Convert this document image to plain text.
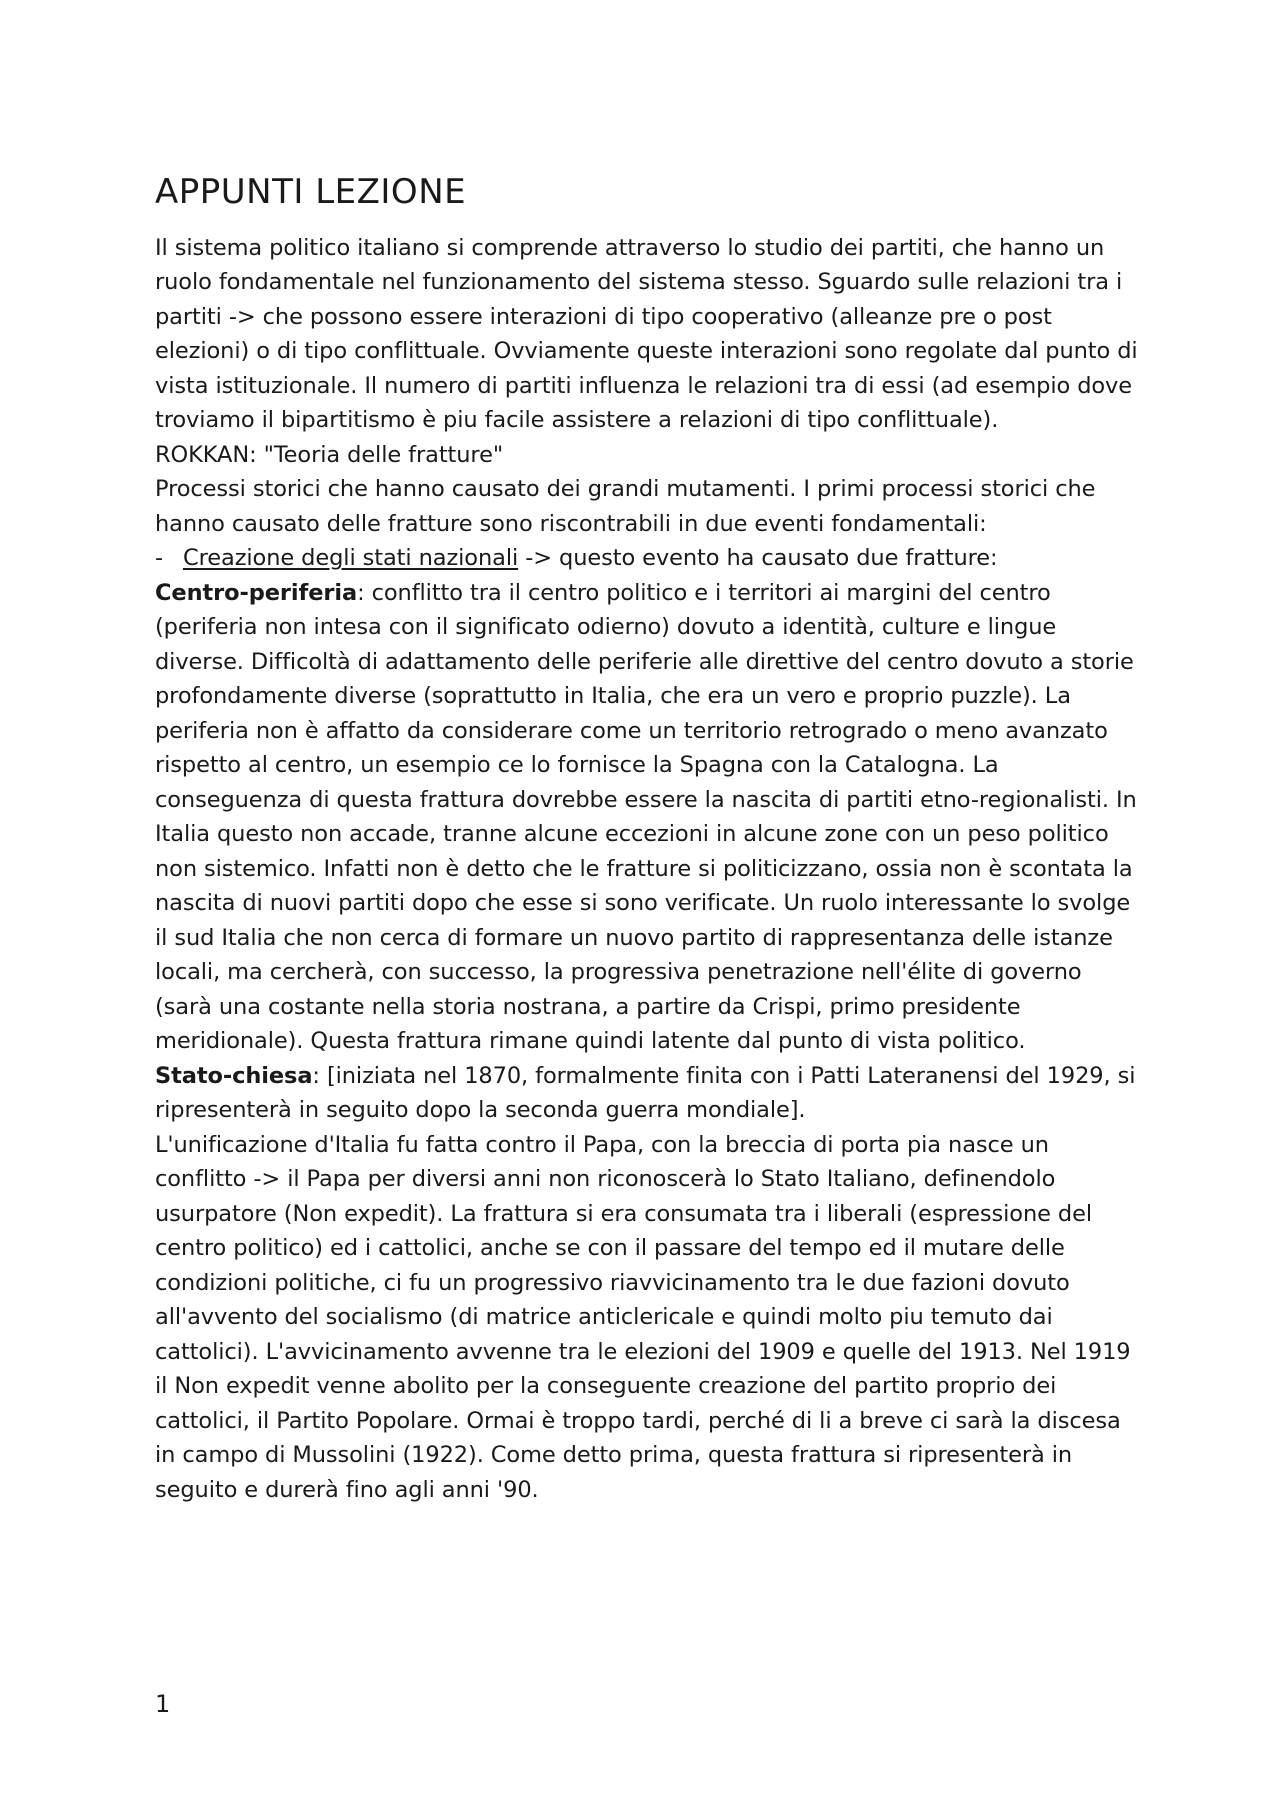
APPUNTI LEZIONE

Il sistema politico italiano si comprende attraverso lo studio dei partiti, che hanno un ruolo fondamentale nel funzionamento del sistema stesso. Sguardo sulle relazioni tra i partiti -> che possono essere interazioni di tipo cooperativo (alleanze pre o post elezioni) o di tipo conflittuale. Ovviamente queste interazioni sono regolate dal punto di vista istituzionale. Il numero di partiti influenza le relazioni tra di essi (ad esempio dove troviamo il bipartitismo è piu facile assistere a relazioni di tipo conflittuale).

ROKKAN: "Teoria delle fratture"

Processi storici che hanno causato dei grandi mutamenti. I primi processi storici che hanno causato delle fratture sono riscontrabili in due eventi fondamentali:

- Creazione degli stati nazionali -> questo evento ha causato due fratture:

Centro-periferia: conflitto tra il centro politico e i territori ai margini del centro (periferia non intesa con il significato odierno) dovuto a identità, culture e lingue diverse. Difficoltà di adattamento delle periferie alle direttive del centro dovuto a storie profondamente diverse (soprattutto in Italia, che era un vero e proprio puzzle). La periferia non è affatto da considerare come un territorio retrogrado o meno avanzato rispetto al centro, un esempio ce lo fornisce la Spagna con la Catalogna. La conseguenza di questa frattura dovrebbe essere la nascita di partiti etno-regionalisti. In Italia questo non accade, tranne alcune eccezioni in alcune zone con un peso politico non sistemico. Infatti non è detto che le fratture si politicizzano, ossia non è scontata la nascita di nuovi partiti dopo che esse si sono verificate. Un ruolo interessante lo svolge il sud Italia che non cerca di formare un nuovo partito di rappresentanza delle istanze locali, ma cercherà, con successo, la progressiva penetrazione nell'élite di governo (sarà una costante nella storia nostrana, a partire da Crispi, primo presidente meridionale). Questa frattura rimane quindi latente dal punto di vista politico.

Stato-chiesa: [iniziata nel 1870, formalmente finita con i Patti Lateranensi del 1929, si ripresenterà in seguito dopo la seconda guerra mondiale].

L'unificazione d'Italia fu fatta contro il Papa, con la breccia di porta pia nasce un conflitto -> il Papa per diversi anni non riconoscerà lo Stato Italiano, definendolo usurpatore (Non expedit). La frattura si era consumata tra i liberali (espressione del centro politico) ed i cattolici, anche se con il passare del tempo ed il mutare delle condizioni politiche, ci fu un progressivo riavvicinamento tra le due fazioni dovuto all'avvento del socialismo (di matrice anticlericale e quindi molto piu temuto dai cattolici). L'avvicinamento avvenne tra le elezioni del 1909 e quelle del 1913. Nel 1919 il Non expedit venne abolito per la conseguente creazione del partito proprio dei cattolici, il Partito Popolare. Ormai è troppo tardi, perché di li a breve ci sarà la discesa in campo di Mussolini (1922). Come detto prima, questa frattura si ripresenterà in seguito e durerà fino agli anni '90.

1
